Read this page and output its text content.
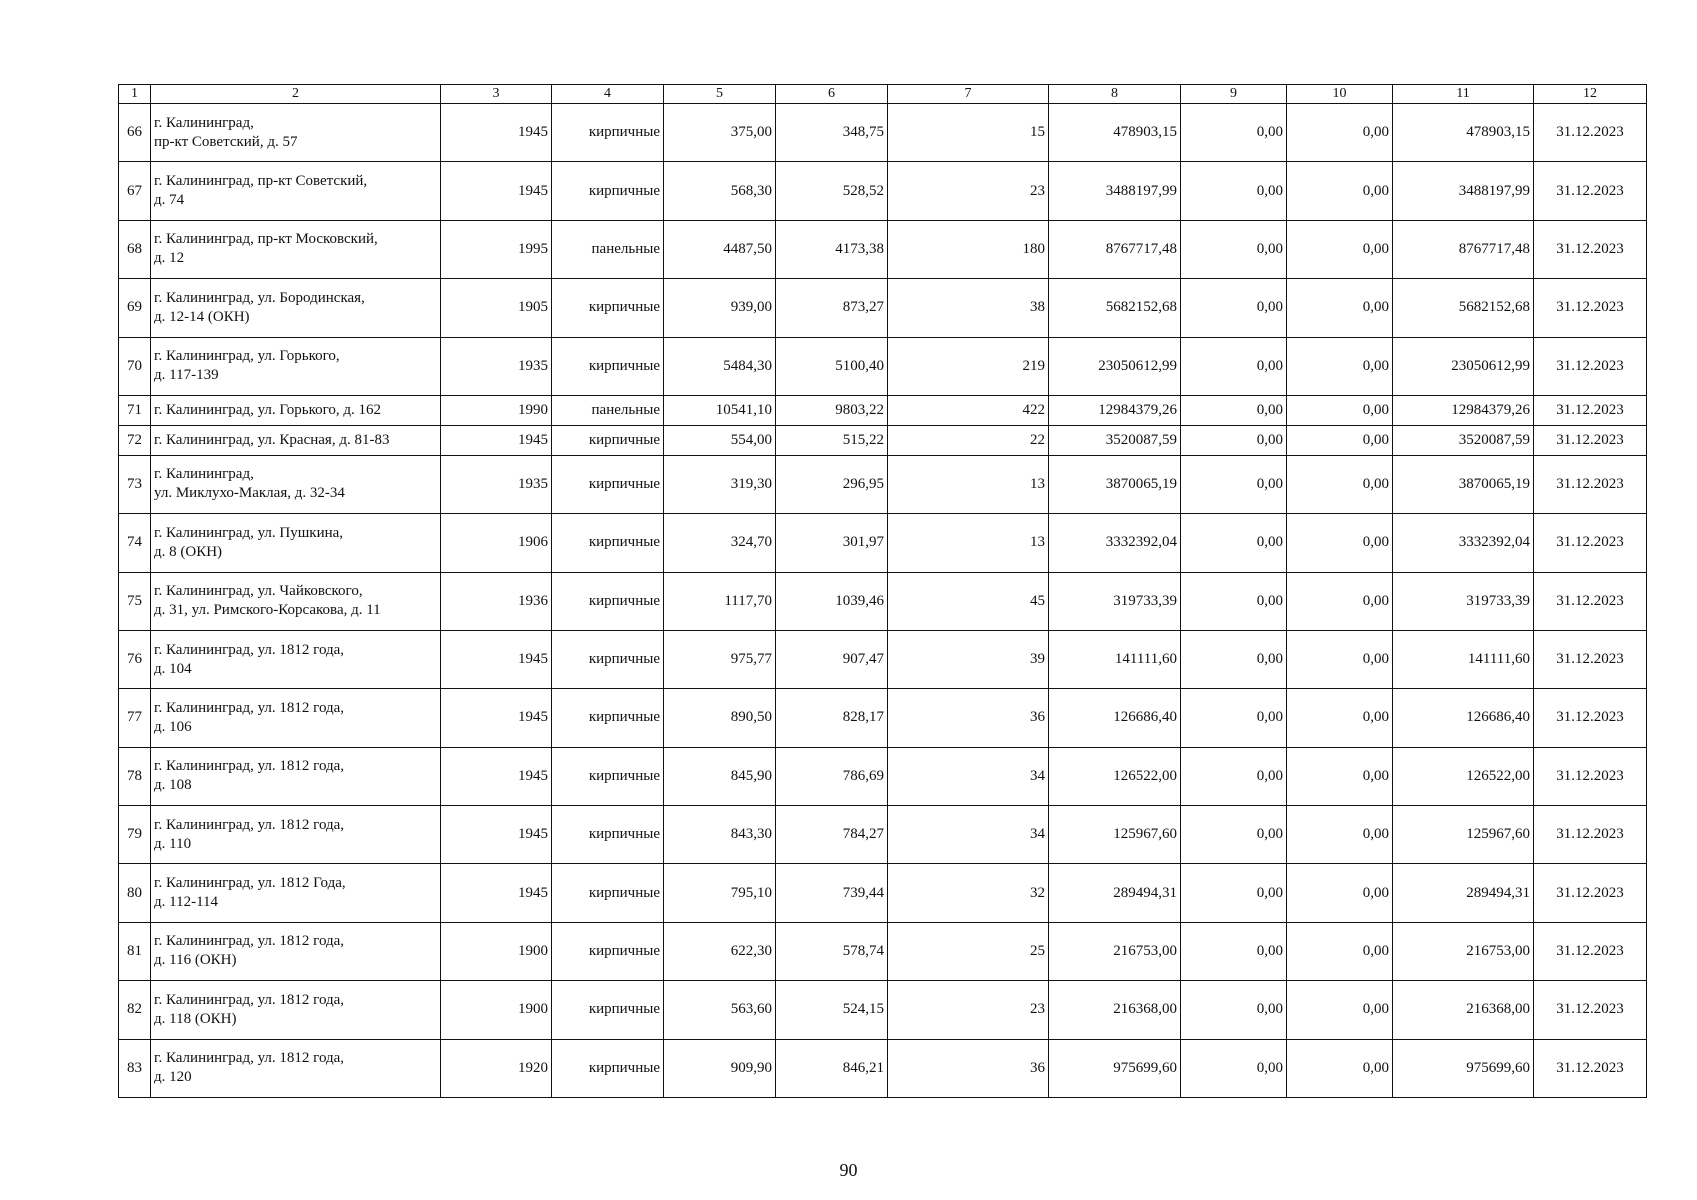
1	2	3	4	5	6	7	8	9	10	11	12
66	г. Калининград,
пр-кт Советский, д. 57	1945	кирпичные	375,00	348,75	15	478903,15	0,00	0,00	478903,15	31.12.2023
67	г. Калининград, пр-кт Советский,
д. 74	1945	кирпичные	568,30	528,52	23	3488197,99	0,00	0,00	3488197,99	31.12.2023
68	г. Калининград, пр-кт Московский,
д. 12	1995	панельные	4487,50	4173,38	180	8767717,48	0,00	0,00	8767717,48	31.12.2023
69	г. Калининград, ул. Бородинская,
д. 12-14 (ОКН)	1905	кирпичные	939,00	873,27	38	5682152,68	0,00	0,00	5682152,68	31.12.2023
70	г. Калининград, ул. Горького,
д. 117-139	1935	кирпичные	5484,30	5100,40	219	23050612,99	0,00	0,00	23050612,99	31.12.2023
71	г. Калининград, ул. Горького, д. 162	1990	панельные	10541,10	9803,22	422	12984379,26	0,00	0,00	12984379,26	31.12.2023
72	г. Калининград, ул. Красная, д. 81-83	1945	кирпичные	554,00	515,22	22	3520087,59	0,00	0,00	3520087,59	31.12.2023
73	г. Калининград,
ул. Миклухо-Маклая, д. 32-34	1935	кирпичные	319,30	296,95	13	3870065,19	0,00	0,00	3870065,19	31.12.2023
74	г. Калининград, ул. Пушкина,
д. 8 (ОКН)	1906	кирпичные	324,70	301,97	13	3332392,04	0,00	0,00	3332392,04	31.12.2023
75	г. Калининград, ул. Чайковского,
д. 31, ул. Римского-Корсакова, д. 11	1936	кирпичные	1117,70	1039,46	45	319733,39	0,00	0,00	319733,39	31.12.2023
76	г. Калининград, ул. 1812 года,
д. 104	1945	кирпичные	975,77	907,47	39	141111,60	0,00	0,00	141111,60	31.12.2023
77	г. Калининград, ул. 1812 года,
д. 106	1945	кирпичные	890,50	828,17	36	126686,40	0,00	0,00	126686,40	31.12.2023
78	г. Калининград, ул. 1812 года,
д. 108	1945	кирпичные	845,90	786,69	34	126522,00	0,00	0,00	126522,00	31.12.2023
79	г. Калининград, ул. 1812 года,
д. 110	1945	кирпичные	843,30	784,27	34	125967,60	0,00	0,00	125967,60	31.12.2023
80	г. Калининград, ул. 1812 Года,
д. 112-114	1945	кирпичные	795,10	739,44	32	289494,31	0,00	0,00	289494,31	31.12.2023
81	г. Калининград, ул. 1812 года,
д. 116 (ОКН)	1900	кирпичные	622,30	578,74	25	216753,00	0,00	0,00	216753,00	31.12.2023
82	г. Калининград, ул. 1812 года,
д. 118 (ОКН)	1900	кирпичные	563,60	524,15	23	216368,00	0,00	0,00	216368,00	31.12.2023
83	г. Калининград, ул. 1812 года,
д. 120	1920	кирпичные	909,90	846,21	36	975699,60	0,00	0,00	975699,60	31.12.2023
90
